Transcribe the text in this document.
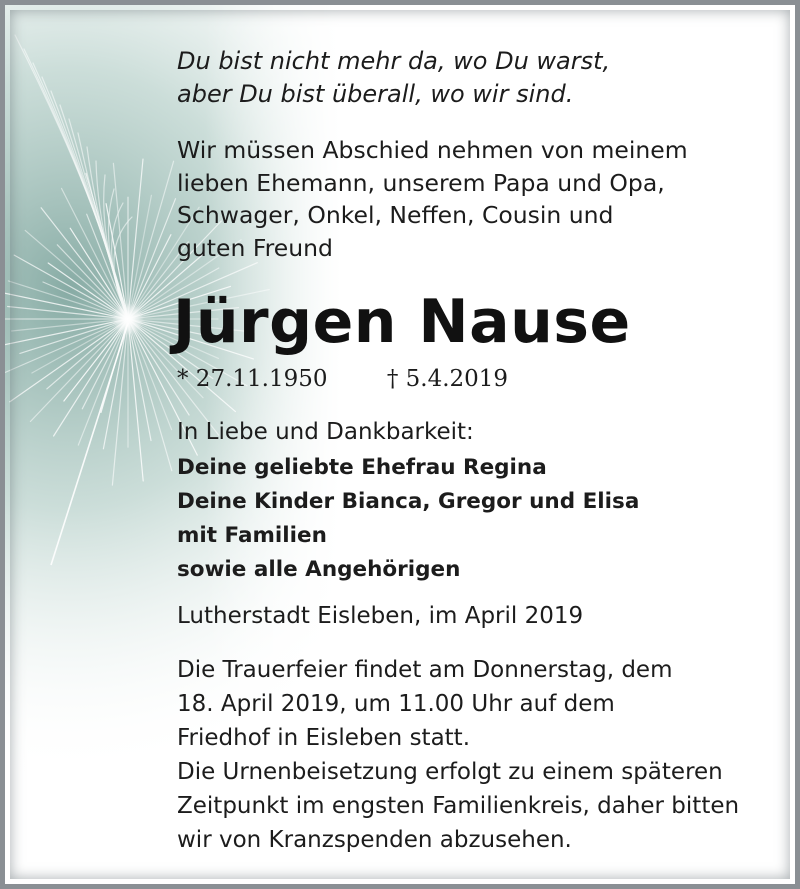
Du bist nicht mehr da, wo Du warst,
aber Du bist überall, wo wir sind.
Wir müssen Abschied nehmen von meinem
lieben Ehemann, unserem Papa und Opa,
Schwager, Onkel, Neffen, Cousin und
guten Freund
Jürgen Nause
* 27.11.1950	† 5.4.2019
In Liebe und Dankbarkeit:
Deine geliebte Ehefrau Regina
Deine Kinder Bianca, Gregor und Elisa
mit Familien
sowie alle Angehörigen
Lutherstadt Eisleben, im April 2019
Die Trauerfeier findet am Donnerstag, dem
18. April 2019, um 11.00 Uhr auf dem
Friedhof in Eisleben statt.
Die Urnenbeisetzung erfolgt zu einem späteren
Zeitpunkt im engsten Familienkreis, daher bitten
wir von Kranzspenden abzusehen.
